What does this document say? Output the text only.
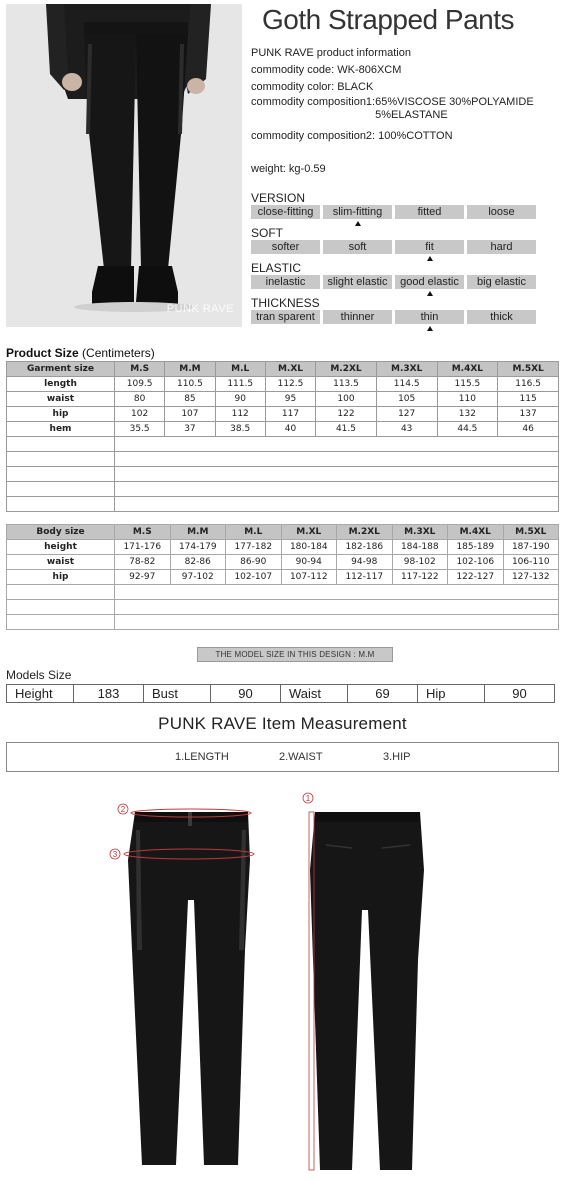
PUNK RAVE
Goth Strapped Pants
PUNK RAVE product information
commodity code: WK-806XCM
commodity color: BLACK
commodity composition1:65%VISCOSE 30%POLYAMIDE
5%ELASTANE
commodity composition2: 100%COTTON
weight: kg-0.59
VERSION
close-fitting	slim-fitting	fitted	loose
SOFT
softer	soft	fit	hard
ELASTIC
inelastic	slight elastic	good elastic	big elastic
THICKNESS
tran sparent	thinner	thin	thick
Product Size (Centimeters)
Garment size	M.S	M.M	M.L	M.XL	M.2XL	M.3XL	M.4XL	M.5XL
length	109.5	110.5	111.5	112.5	113.5	114.5	115.5	116.5
waist	80	85	90	95	100	105	110	115
hip	102	107	112	117	122	127	132	137
hem	35.5	37	38.5	40	41.5	43	44.5	46

Body size	M.S	M.M	M.L	M.XL	M.2XL	M.3XL	M.4XL	M.5XL
height	171-176	174-179	177-182	180-184	182-186	184-188	185-189	187-190
waist	78-82	82-86	86-90	90-94	94-98	98-102	102-106	106-110
hip	92-97	97-102	102-107	107-112	112-117	117-122	122-127	127-132

THE MODEL SIZE IN THIS DESIGN : M.M
Models Size
Height	183	Bust	90	Waist	69	Hip	90
PUNK RAVE Item Measurement
1.LENGTH	2.WAIST	3.HIP
2
3
1
